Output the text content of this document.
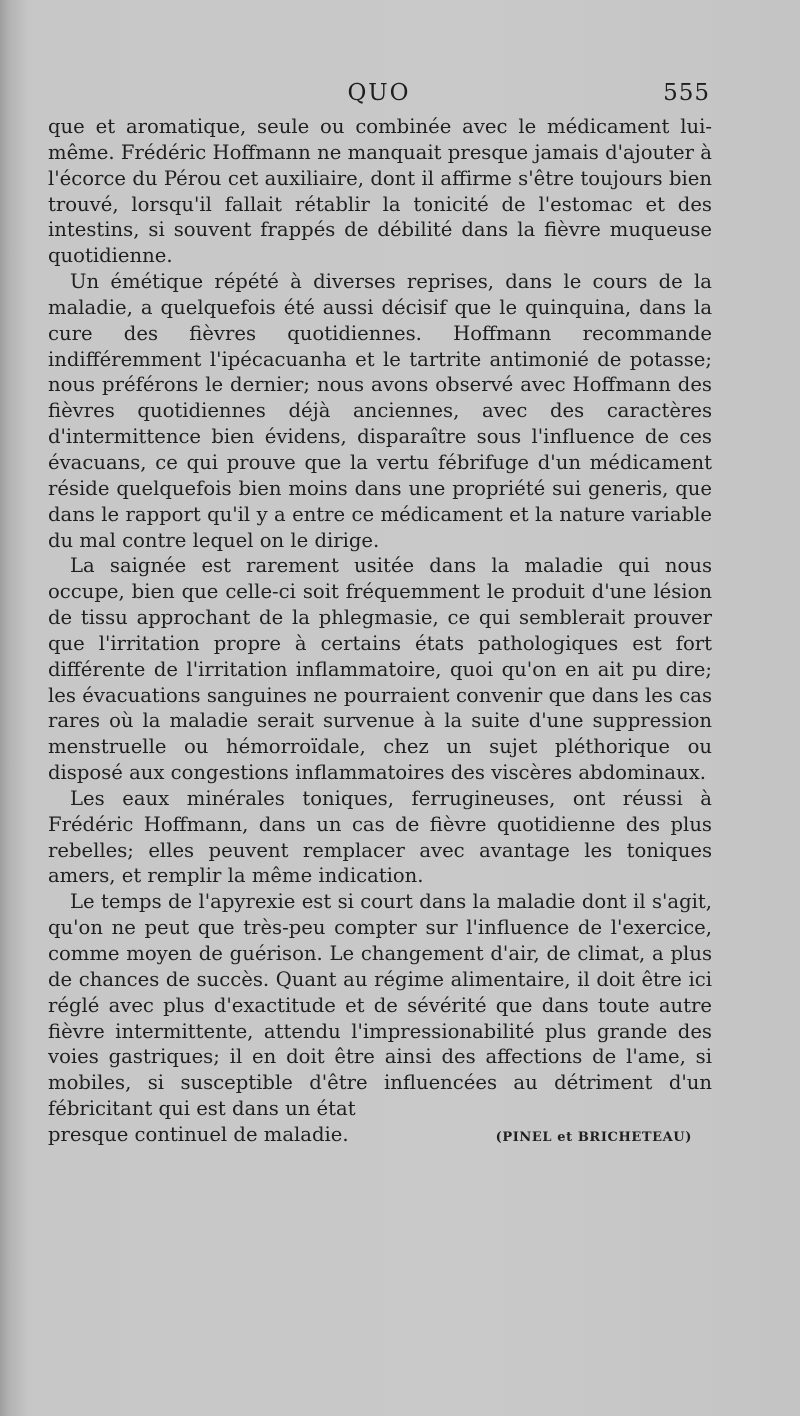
QUO	555

que et aromatique, seule ou combinée avec le médicament lui-même. Frédéric Hoffmann ne manquait presque jamais d'ajouter à l'écorce du Pérou cet auxiliaire, dont il affirme s'être toujours bien trouvé, lorsqu'il fallait rétablir la tonicité de l'estomac et des intestins, si souvent frappés de débilité dans la fièvre muqueuse quotidienne.

Un émétique répété à diverses reprises, dans le cours de la maladie, a quelquefois été aussi décisif que le quinquina, dans la cure des fièvres quotidiennes. Hoffmann recommande indifféremment l'ipécacuanha et le tartrite antimonié de potasse; nous préférons le dernier; nous avons observé avec Hoffmann des fièvres quotidiennes déjà anciennes, avec des caractères d'intermittence bien évidens, disparaître sous l'influence de ces évacuans, ce qui prouve que la vertu fébrifuge d'un médicament réside quelquefois bien moins dans une propriété sui generis, que dans le rapport qu'il y a entre ce médicament et la nature variable du mal contre lequel on le dirige.

La saignée est rarement usitée dans la maladie qui nous occupe, bien que celle-ci soit fréquemment le produit d'une lésion de tissu approchant de la phlegmasie, ce qui semblerait prouver que l'irritation propre à certains états pathologiques est fort différente de l'irritation inflammatoire, quoi qu'on en ait pu dire; les évacuations sanguines ne pourraient convenir que dans les cas rares où la maladie serait survenue à la suite d'une suppression menstruelle ou hémorroïdale, chez un sujet pléthorique ou disposé aux congestions inflammatoires des viscères abdominaux.

Les eaux minérales toniques, ferrugineuses, ont réussi à Frédéric Hoffmann, dans un cas de fièvre quotidienne des plus rebelles; elles peuvent remplacer avec avantage les toniques amers, et remplir la même indication.

Le temps de l'apyrexie est si court dans la maladie dont il s'agit, qu'on ne peut que très-peu compter sur l'influence de l'exercice, comme moyen de guérison. Le changement d'air, de climat, a plus de chances de succès. Quant au régime alimentaire, il doit être ici réglé avec plus d'exactitude et de sévérité que dans toute autre fièvre intermittente, attendu l'impressionabilité plus grande des voies gastriques; il en doit être ainsi des affections de l'ame, si mobiles, si susceptible d'être influencées au détriment d'un fébricitant qui est dans un état

presque continuel de maladie.	(PINEL et BRICHETEAU)
